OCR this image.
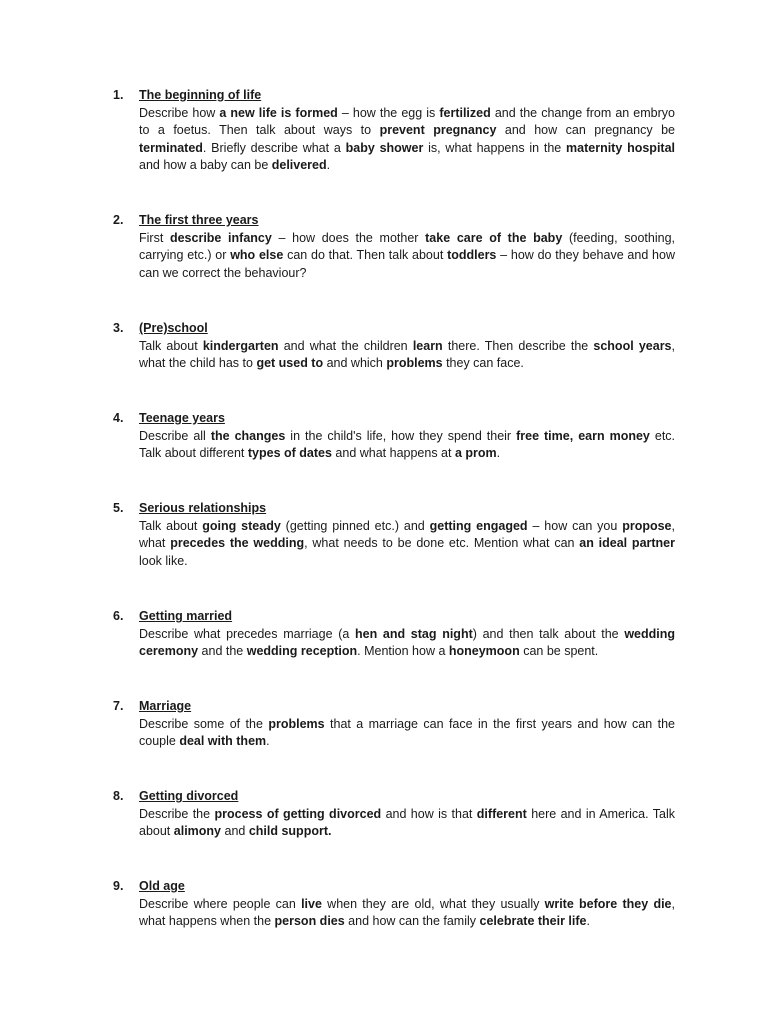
1.	The beginning of life
Describe how a new life is formed – how the egg is fertilized and the change from an embryo to a foetus. Then talk about ways to prevent pregnancy and how can pregnancy be terminated. Briefly describe what a baby shower is, what happens in the maternity hospital and how a baby can be delivered.
2.	The first three years
First describe infancy – how does the mother take care of the baby (feeding, soothing, carrying etc.) or who else can do that. Then talk about toddlers – how do they behave and how can we correct the behaviour?
3.	(Pre)school
Talk about kindergarten and what the children learn there. Then describe the school years, what the child has to get used to and which problems they can face.
4.	Teenage years
Describe all the changes in the child's life, how they spend their free time, earn money etc. Talk about different types of dates and what happens at a prom.
5.	Serious relationships
Talk about going steady (getting pinned etc.) and getting engaged – how can you propose, what precedes the wedding, what needs to be done etc. Mention what can an ideal partner look like.
6.	Getting married
Describe what precedes marriage (a hen and stag night) and then talk about the wedding ceremony and the wedding reception. Mention how a honeymoon can be spent.
7.	Marriage
Describe some of the problems that a marriage can face in the first years and how can the couple deal with them.
8.	Getting divorced
Describe the process of getting divorced and how is that different here and in America. Talk about alimony and child support.
9.	Old age
Describe where people can live when they are old, what they usually write before they die, what happens when the person dies and how can the family celebrate their life.
